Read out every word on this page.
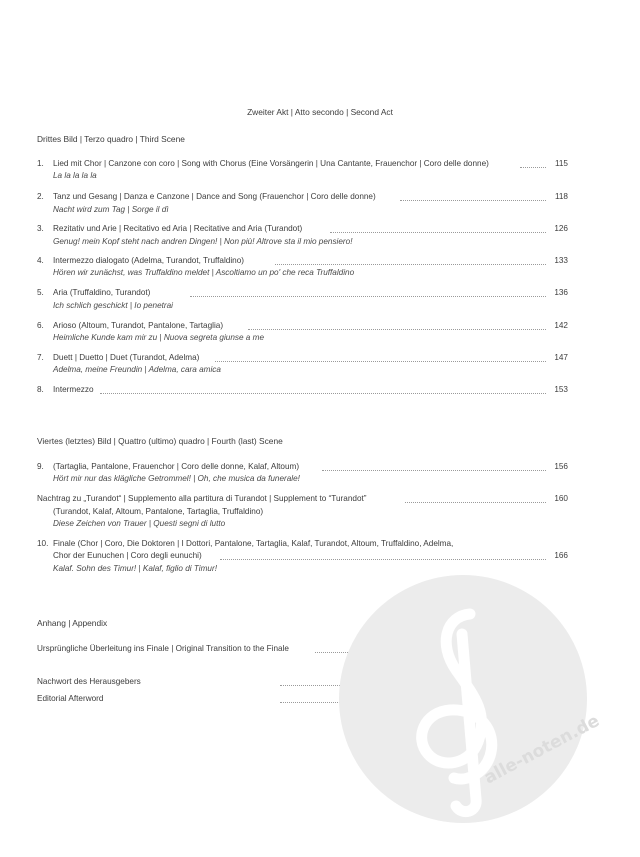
Zweiter Akt | Atto secondo | Second Act
Drittes Bild | Terzo quadro | Third Scene
1. Lied mit Chor | Canzone con coro | Song with Chorus (Eine Vorsängerin | Una Cantante, Frauenchor | Coro delle donne)	115
La la la la la
2. Tanz und Gesang | Danza e Canzone | Dance and Song (Frauenchor | Coro delle donne)	118
Nacht wird zum Tag | Sorge il dì
3. Rezitativ und Arie | Recitativo ed Aria | Recitative and Aria (Turandot)	126
Genug! mein Kopf steht nach andren Dingen! | Non più! Altrove sta il mio pensiero!
4. Intermezzo dialogato (Adelma, Turandot, Truffaldino)	133
Hören wir zunächst, was Truffaldino meldet | Ascoltiamo un po' che reca Truffaldino
5. Aria (Truffaldino, Turandot)	136
Ich schlich geschickt | Io penetrai
6. Arioso (Altoum, Turandot, Pantalone, Tartaglia)	142
Heimliche Kunde kam mir zu | Nuova segreta giunse a me
7. Duett | Duetto | Duet (Turandot, Adelma)	147
Adelma, meine Freundin | Adelma, cara amica
8. Intermezzo	153
Viertes (letztes) Bild | Quattro (ultimo) quadro | Fourth (last) Scene
9. (Tartaglia, Pantalone, Frauenchor | Coro delle donne, Kalaf, Altoum)	156
Hört mir nur das klägliche Getrommel! | Oh, che musica da funerale!
Nachtrag zu „Turandot“ | Supplemento alla partitura di Turandot | Supplement to “Turandot”	160
(Turandot, Kalaf, Altoum, Pantalone, Tartaglia, Truffaldino)
Diese Zeichen von Trauer | Questi segni di lutto
10. Finale (Chor | Coro, Die Doktoren | I Dottori, Pantalone, Tartaglia, Kalaf, Turandot, Altoum, Truffaldino, Adelma,
Chor der Eunuchen | Coro degli eunuchi)	166
Kalaf. Sohn des Timur! | Kalaf, figlio di Timur!
Anhang | Appendix
Ursprüngliche Überleitung ins Finale | Original Transition to the Finale
Nachwort des Herausgebers
Editorial Afterword
alle-noten.de
